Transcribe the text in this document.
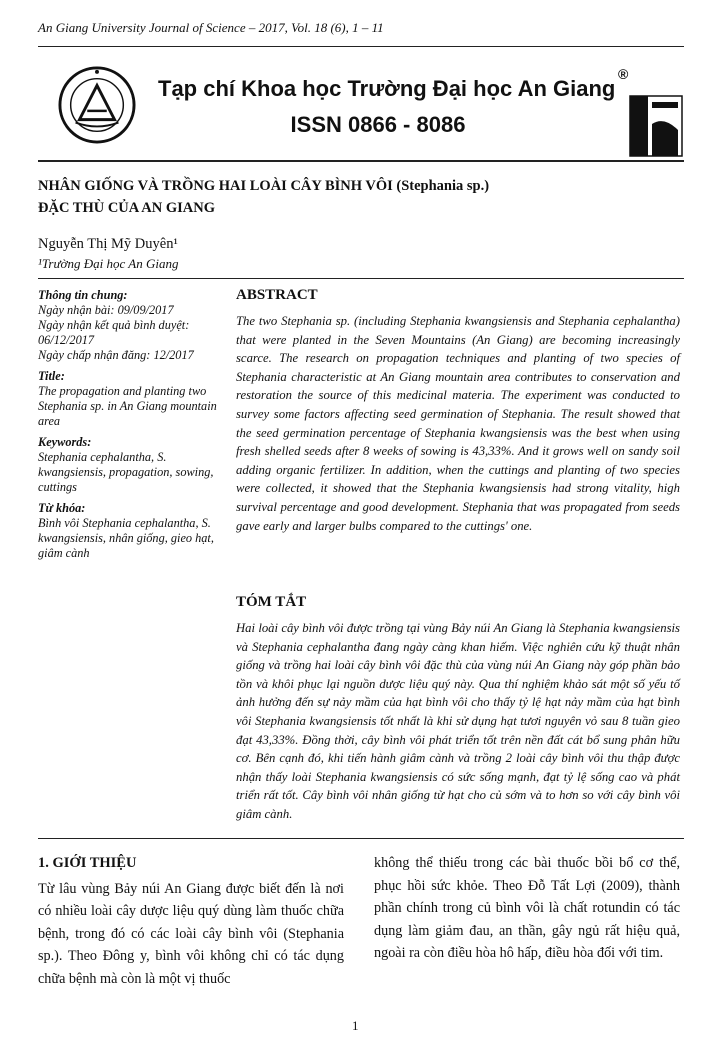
An Giang University Journal of Science – 2017, Vol. 18 (6), 1 – 11
Tạp chí Khoa học Trường Đại học An Giang
ISSN 0866 - 8086
®
NHÂN GIỐNG VÀ TRỒNG HAI LOÀI CÂY BÌNH VÔI (Stephania sp.)
ĐẶC THÙ CỦA AN GIANG
Nguyễn Thị Mỹ Duyên¹
¹Trường Đại học An Giang
Thông tin chung:
Ngày nhận bài: 09/09/2017
Ngày nhận kết quả bình duyệt:
06/12/2017
Ngày chấp nhận đăng: 12/2017
Title:
The propagation and planting two Stephania sp. in An Giang mountain area
Keywords:
Stephania cephalantha, S. kwangsiensis, propagation, sowing, cuttings
Từ khóa:
Bình vôi Stephania cephalantha, S. kwangsiensis, nhân giống, gieo hạt, giâm cành
ABSTRACT
The two Stephania sp. (including Stephania kwangsiensis and Stephania cephalantha) that were planted in the Seven Mountains (An Giang) are becoming increasingly scarce. The research on propagation techniques and planting of two species of Stephania characteristic at An Giang mountain area contributes to conservation and restoration the source of this medicinal materia. The experiment was conducted to survey some factors affecting seed germination of Stephania. The result showed that the seed germination percentage of Stephania kwangsiensis was the best when using fresh shelled seeds after 8 weeks of sowing is 43,33%. And it grows well on sandy soil adding organic fertilizer. In addition, when the cuttings and planting of two species were collected, it showed that the Stephania kwangsiensis had strong vitality, high survival percentage and good development. Stephania that was propagated from seeds gave early and larger bulbs compared to the cuttings' one.
TÓM TẮT
Hai loài cây bình vôi được trồng tại vùng Bảy núi An Giang là Stephania kwangsiensis và Stephania cephalantha đang ngày càng khan hiếm. Việc nghiên cứu kỹ thuật nhân giống và trồng hai loài cây bình vôi đặc thù của vùng núi An Giang này góp phần bảo tồn và khôi phục lại nguồn dược liệu quý này. Qua thí nghiệm khảo sát một số yếu tố ảnh hưởng đến sự nảy mầm của hạt bình vôi cho thấy tỷ lệ hạt nảy mầm của hạt bình vôi Stephania kwangsiensis tốt nhất là khi sử dụng hạt tươi nguyên vỏ sau 8 tuần gieo đạt 43,33%. Đồng thời, cây bình vôi phát triển tốt trên nền đất cát bổ sung phân hữu cơ. Bên cạnh đó, khi tiến hành giâm cành và trồng 2 loài cây bình vôi thu thập được nhận thấy loài Stephania kwangsiensis có sức sống mạnh, đạt tỷ lệ sống cao và phát triển rất tốt. Cây bình vôi nhân giống từ hạt cho củ sớm và to hơn so với cây bình vôi giâm cành.
1. GIỚI THIỆU
Từ lâu vùng Bảy núi An Giang được biết đến là nơi có nhiều loài cây dược liệu quý dùng làm thuốc chữa bệnh, trong đó có các loài cây bình vôi (Stephania sp.). Theo Đông y, bình vôi không chỉ có tác dụng chữa bệnh mà còn là một vị thuốc
không thể thiếu trong các bài thuốc bồi bổ cơ thể, phục hồi sức khỏe. Theo Đỗ Tất Lợi (2009), thành phần chính trong củ bình vôi là chất rotundin có tác dụng làm giảm đau, an thần, gây ngủ rất hiệu quả, ngoài ra còn điều hòa hô hấp, điều hòa đối với tim.
1
